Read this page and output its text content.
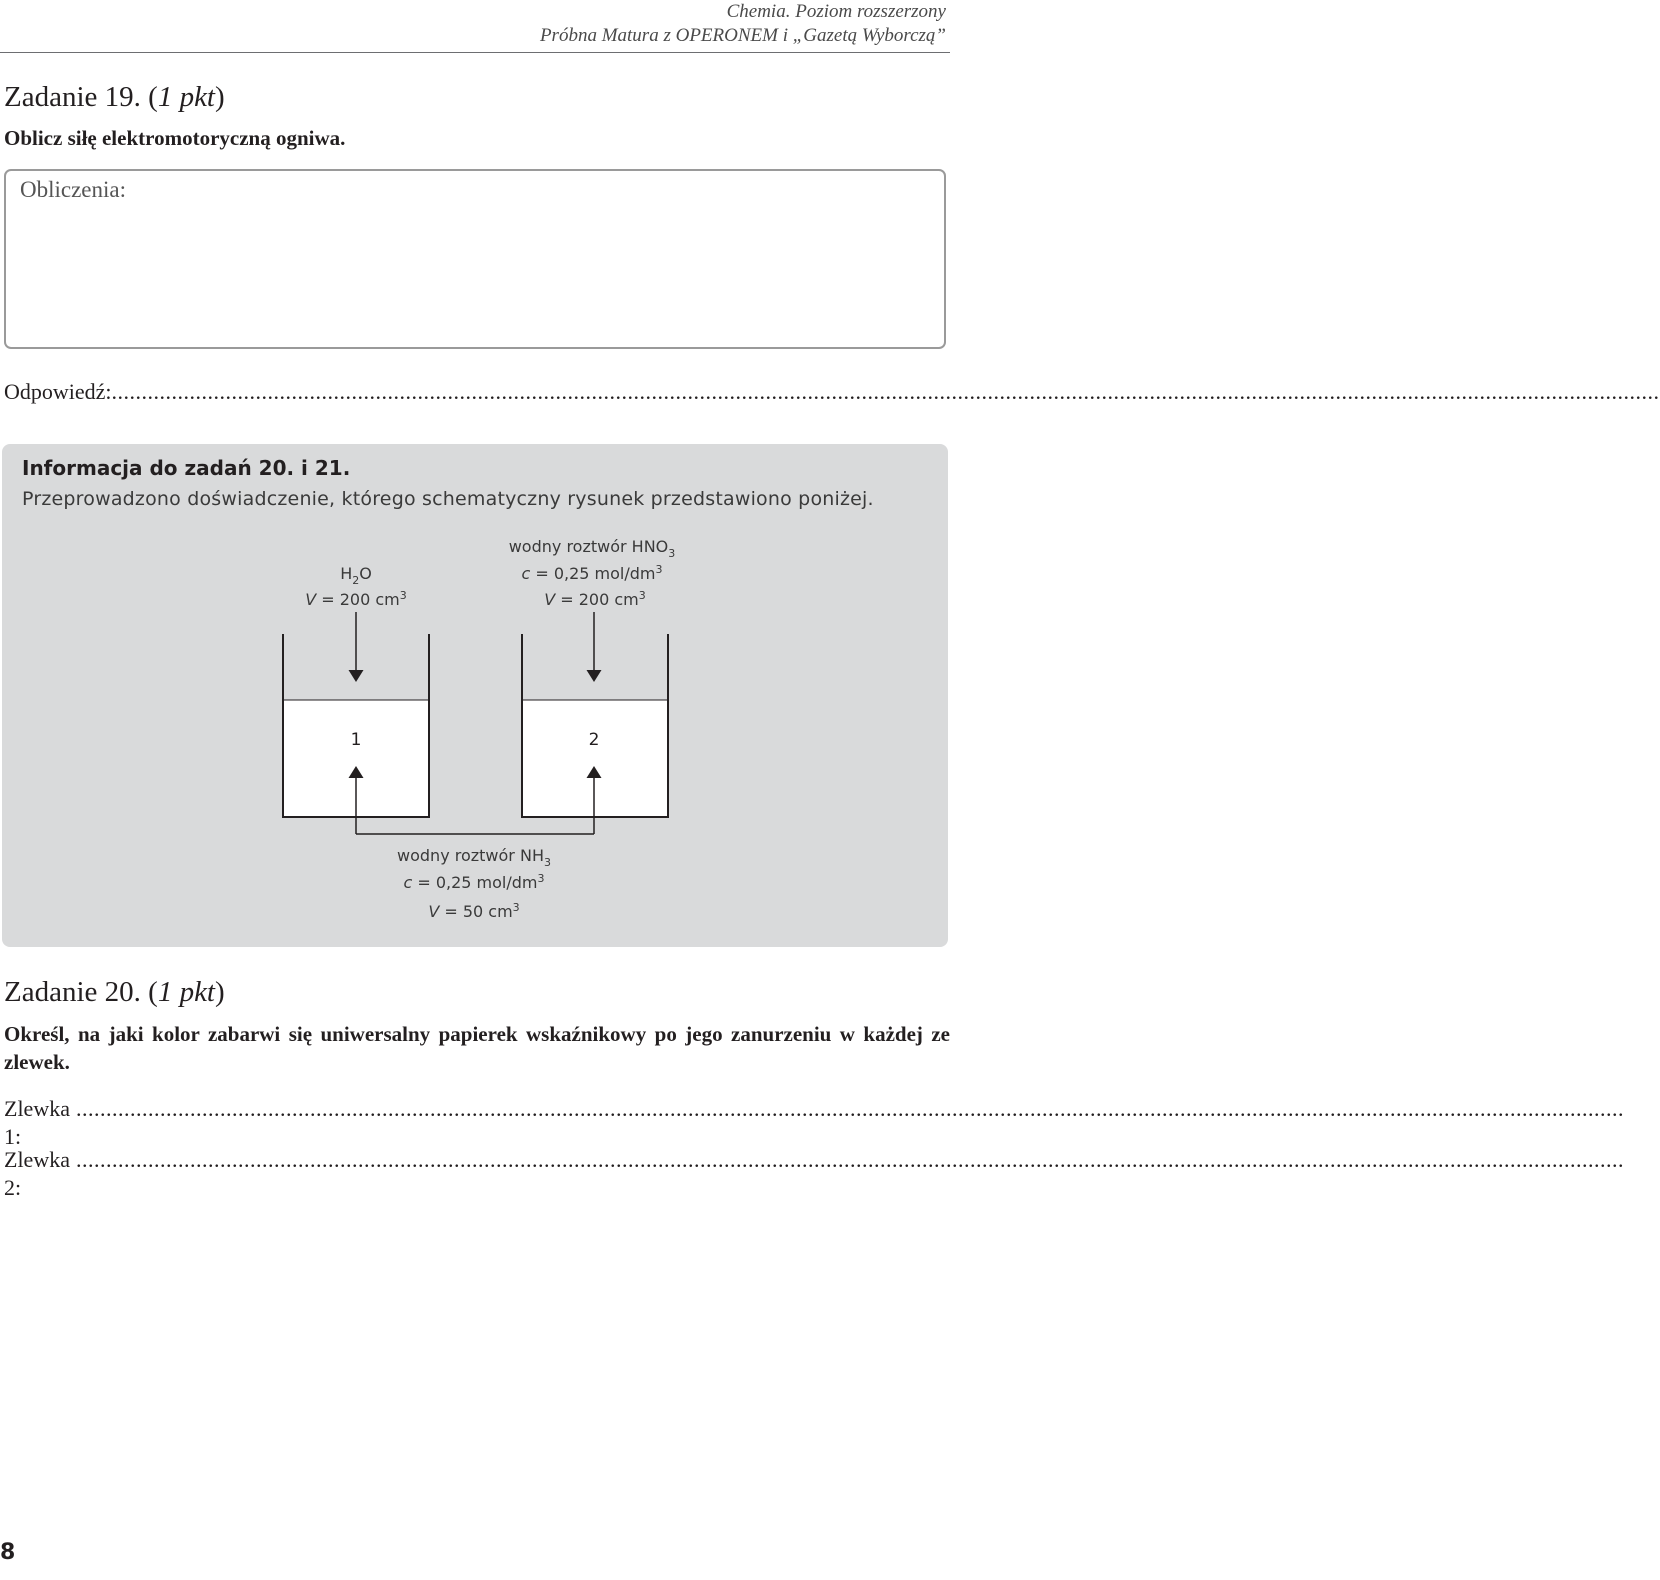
Chemia. Poziom rozszerzony
Próbna Matura z OPERONEM i „Gazetą Wyborczą”
Zadanie 19. (1 pkt)
Oblicz siłę elektromotoryczną ogniwa.
Obliczenia:
Odpowiedź: ..................................................................................................................................................................................................................................................................
Informacja do zadań 20. i 21.
Przeprowadzono doświadczenie, którego schematyczny rysunek przedstawiono poniżej.
1	2
$H_2O$
V = 200 $cm^3$
wodny roztwór $HNO_3$
c = 0,25 mol/$dm^3$
V = 200 $cm^3$
wodny roztwór $NH_3$
c = 0,25 mol/$dm^3$
V = 50 $cm^3$
Zadanie 20. (1 pkt)
Określ, na jaki kolor zabarwi się uniwersalny papierek wskaźnikowy po jego zanurzeniu w każdej ze zlewek.
Zlewka 1:
..................................................................................................................................................................................................................................................................
Zlewka 2:
..................................................................................................................................................................................................................................................................
8
